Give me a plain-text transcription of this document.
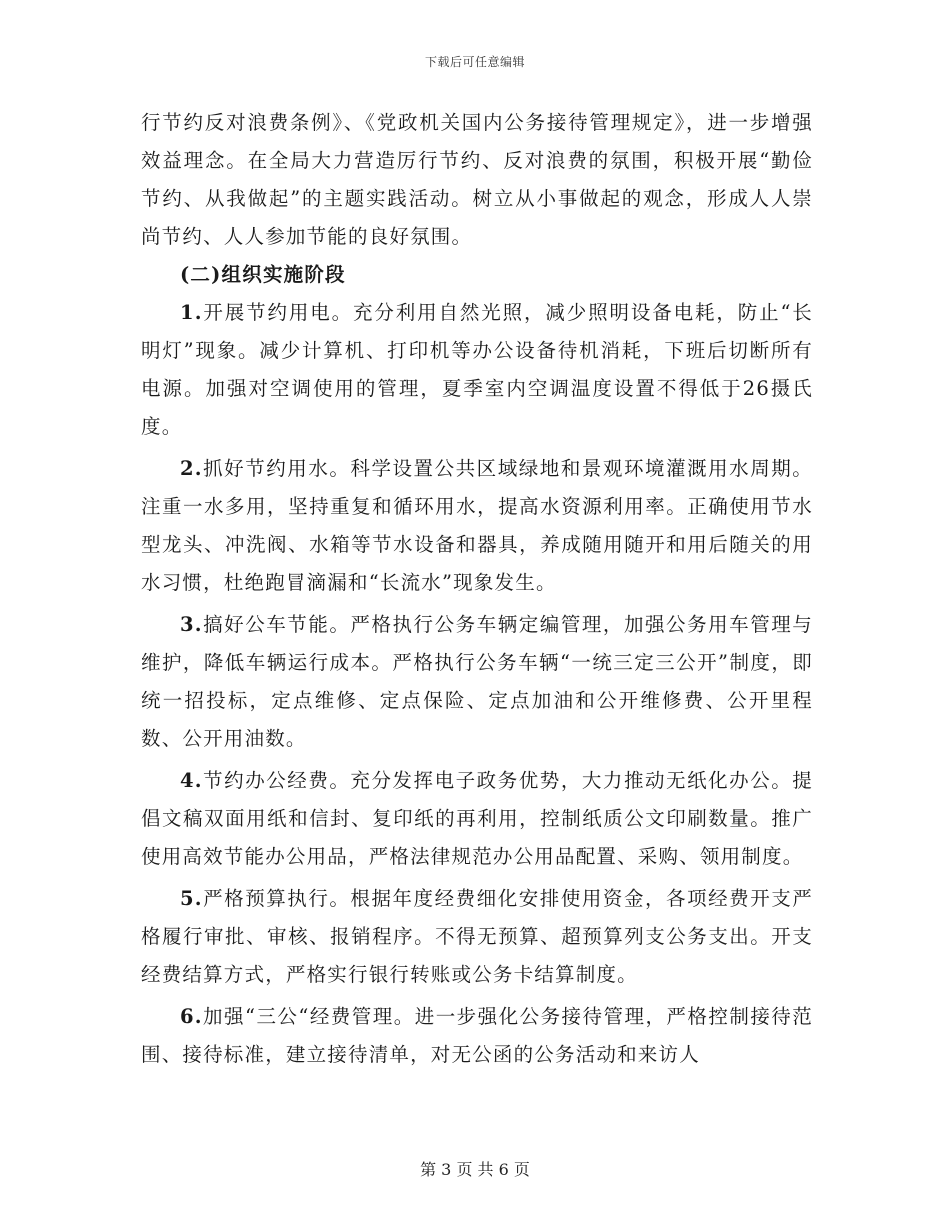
下载后可任意编辑

行节约反对浪费条例》、《党政机关国内公务接待管理规定》，进一步增强效益理念。在全局大力营造厉行节约、反对浪费的氛围，积极开展“勤俭节约、从我做起”的主题实践活动。树立从小事做起的观念，形成人人崇尚节约、人人参加节能的良好氛围。

(二)组织实施阶段

1.开展节约用电。充分利用自然光照，减少照明设备电耗，防止“长明灯”现象。减少计算机、打印机等办公设备待机消耗，下班后切断所有电源。加强对空调使用的管理，夏季室内空调温度设置不得低于26摄氏度。

2.抓好节约用水。科学设置公共区域绿地和景观环境灌溉用水周期。注重一水多用，坚持重复和循环用水，提高水资源利用率。正确使用节水型龙头、冲洗阀、水箱等节水设备和器具，养成随用随开和用后随关的用水习惯，杜绝跑冒滴漏和“长流水”现象发生。

3.搞好公车节能。严格执行公务车辆定编管理，加强公务用车管理与维护，降低车辆运行成本。严格执行公务车辆“一统三定三公开”制度，即统一招投标，定点维修、定点保险、定点加油和公开维修费、公开里程数、公开用油数。

4.节约办公经费。充分发挥电子政务优势，大力推动无纸化办公。提倡文稿双面用纸和信封、复印纸的再利用，控制纸质公文印刷数量。推广使用高效节能办公用品，严格法律规范办公用品配置、采购、领用制度。

5.严格预算执行。根据年度经费细化安排使用资金，各项经费开支严格履行审批、审核、报销程序。不得无预算、超预算列支公务支出。开支经费结算方式，严格实行银行转账或公务卡结算制度。

6.加强“三公“经费管理。进一步强化公务接待管理，严格控制接待范围、接待标准，建立接待清单，对无公函的公务活动和来访人

第 3 页 共 6 页
